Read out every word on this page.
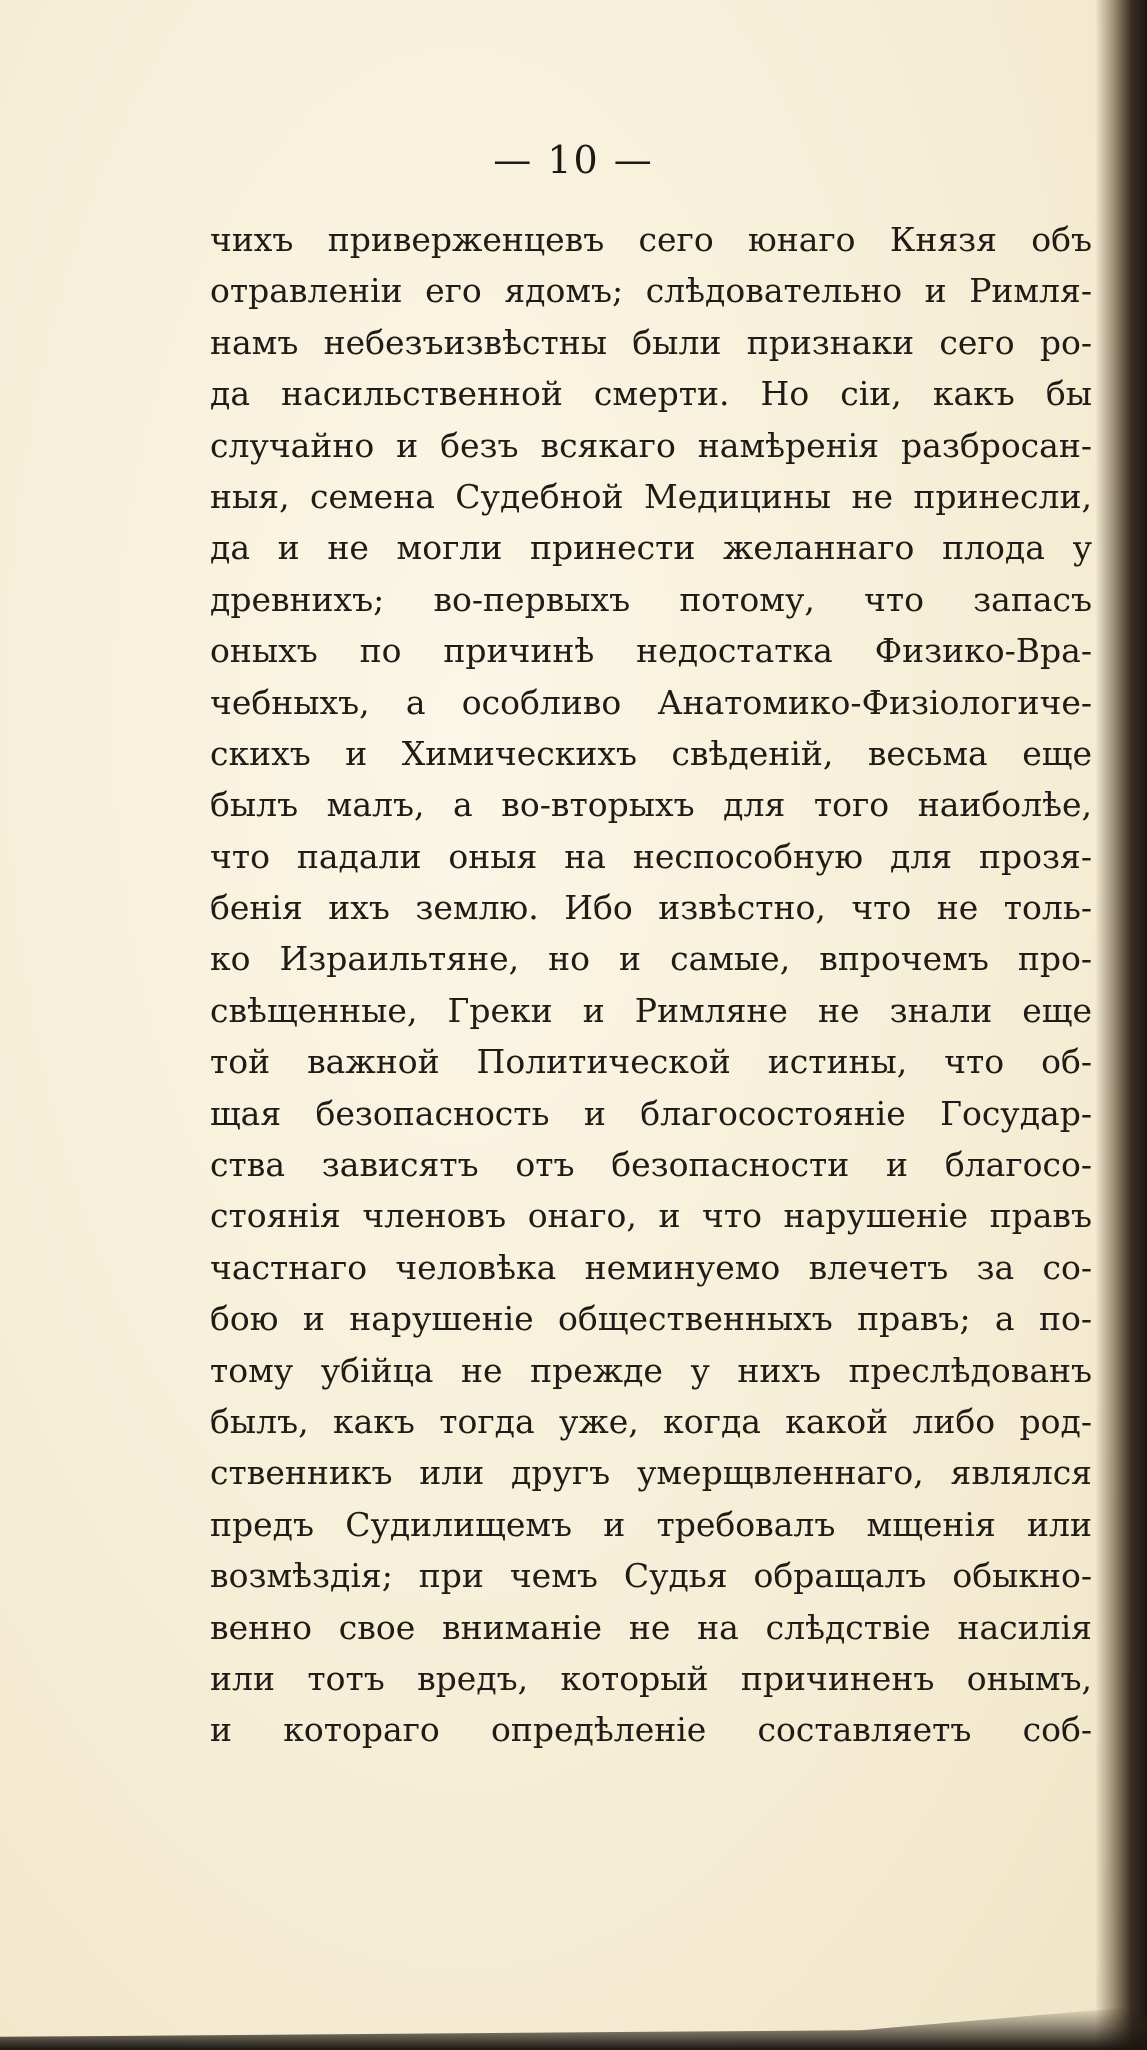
— 10 —
чихъ приверженцевъ сего юнаго Князя объ
отравленіи его ядомъ; слѣдовательно и Римля-
намъ небезъизвѣстны были признаки сего ро-
да насильственной смерти. Но сіи, какъ бы
случайно и безъ всякаго намѣренія разбросан-
ныя, семена Судебной Медицины не принесли,
да и не могли принести желаннаго плода у
древнихъ; во-первыхъ потому, что запасъ
оныхъ по причинѣ недостатка Физико-Вра-
чебныхъ, а особливо Анатомико-Физіологиче-
скихъ и Химическихъ свѣденій, весьма еще
былъ малъ, а во-вторыхъ для того наиболѣе,
что падали оныя на неспособную для прозя-
бенія ихъ землю. Ибо извѣстно, что не толь-
ко Израильтяне, но и самые, впрочемъ про-
свѣщенные, Греки и Римляне не знали еще
той важной Политической истины, что об-
щая безопасность и благосостояніе Государ-
ства зависятъ отъ безопасности и благосо-
стоянія членовъ онаго, и что нарушеніе правъ
частнаго человѣка неминуемо влечетъ за со-
бою и нарушеніе общественныхъ правъ; а по-
тому убійца не прежде у нихъ преслѣдованъ
былъ, какъ тогда уже, когда какой либо род-
ственникъ или другъ умерщвленнаго, являлся
предъ Судилищемъ и требовалъ мщенія или
возмѣздія; при чемъ Судья обращалъ обыкно-
венно свое вниманіе не на слѣдствіе насилія
или тотъ вредъ, который причиненъ онымъ,
и котораго опредѣленіе составляетъ соб-
